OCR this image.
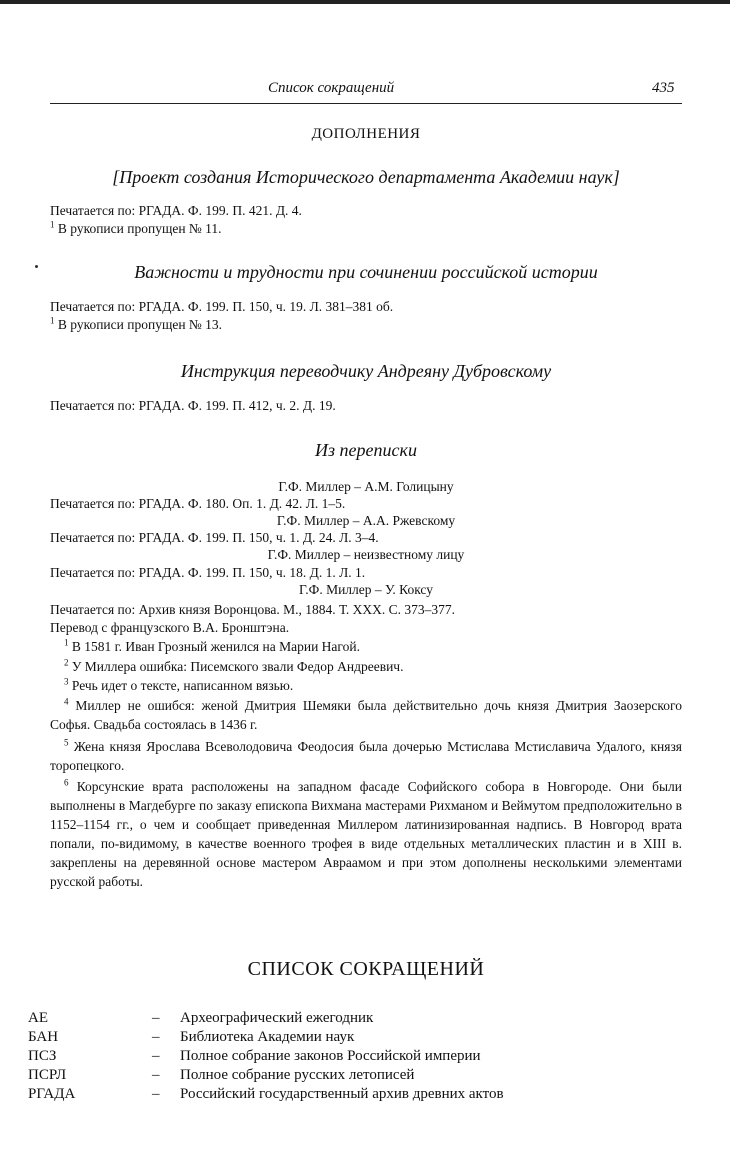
Список сокращений	435
ДОПОЛНЕНИЯ
[Проект создания Исторического департамента Академии наук]
Печатается по: РГАДА. Ф. 199. П. 421. Д. 4.
$^1$ В рукописи пропущен № 11.
Важности и трудности при сочинении российской истории
Печатается по: РГАДА. Ф. 199. П. 150, ч. 19. Л. 381–381 об.
$^1$ В рукописи пропущен № 13.
Инструкция переводчику Андреяну Дубровскому
Печатается по: РГАДА. Ф. 199. П. 412, ч. 2. Д. 19.
Из переписки
Г.Ф. Миллер – А.М. Голицыну
Печатается по: РГАДА. Ф. 180. Оп. 1. Д. 42. Л. 1–5.
Г.Ф. Миллер – А.А. Ржевскому
Печатается по: РГАДА. Ф. 199. П. 150, ч. 1. Д. 24. Л. 3–4.
Г.Ф. Миллер – неизвестному лицу
Печатается по: РГАДА. Ф. 199. П. 150, ч. 18. Д. 1. Л. 1.
Г.Ф. Миллер – У. Коксу
Печатается по: Архив князя Воронцова. М., 1884. Т. XXX. С. 373–377.
Перевод с французского В.А. Бронштэна.
$^1$ В 1581 г. Иван Грозный женился на Марии Нагой.
$^2$ У Миллера ошибка: Писемского звали Федор Андреевич.
$^3$ Речь идет о тексте, написанном вязью.
$^4$ Миллер не ошибся: женой Дмитрия Шемяки была действительно дочь князя Дмитрия Заозерского Софья. Свадьба состоялась в 1436 г.
$^5$ Жена князя Ярослава Всеволодовича Феодосия была дочерью Мстислава Мстиславича Удалого, князя торопецкого.
$^6$ Корсунские врата расположены на западном фасаде Софийского собора в Новгороде. Они были выполнены в Магдебурге по заказу епископа Вихмана мастерами Рихманом и Веймутом предположительно в 1152–1154 гг., о чем и сообщает приведенная Миллером латинизированная надпись. В Новгород врата попали, по-видимому, в качестве военного трофея в виде отдельных металлических пластин и в XIII в. закреплены на деревянной основе мастером Авраамом и при этом дополнены несколькими элементами русской работы.
СПИСОК СОКРАЩЕНИЙ
АЕ	– Археографический ежегодник
БАН	– Библиотека Академии наук
ПСЗ	– Полное собрание законов Российской империи
ПСРЛ	– Полное собрание русских летописей
РГАДА	– Российский государственный архив древних актов
